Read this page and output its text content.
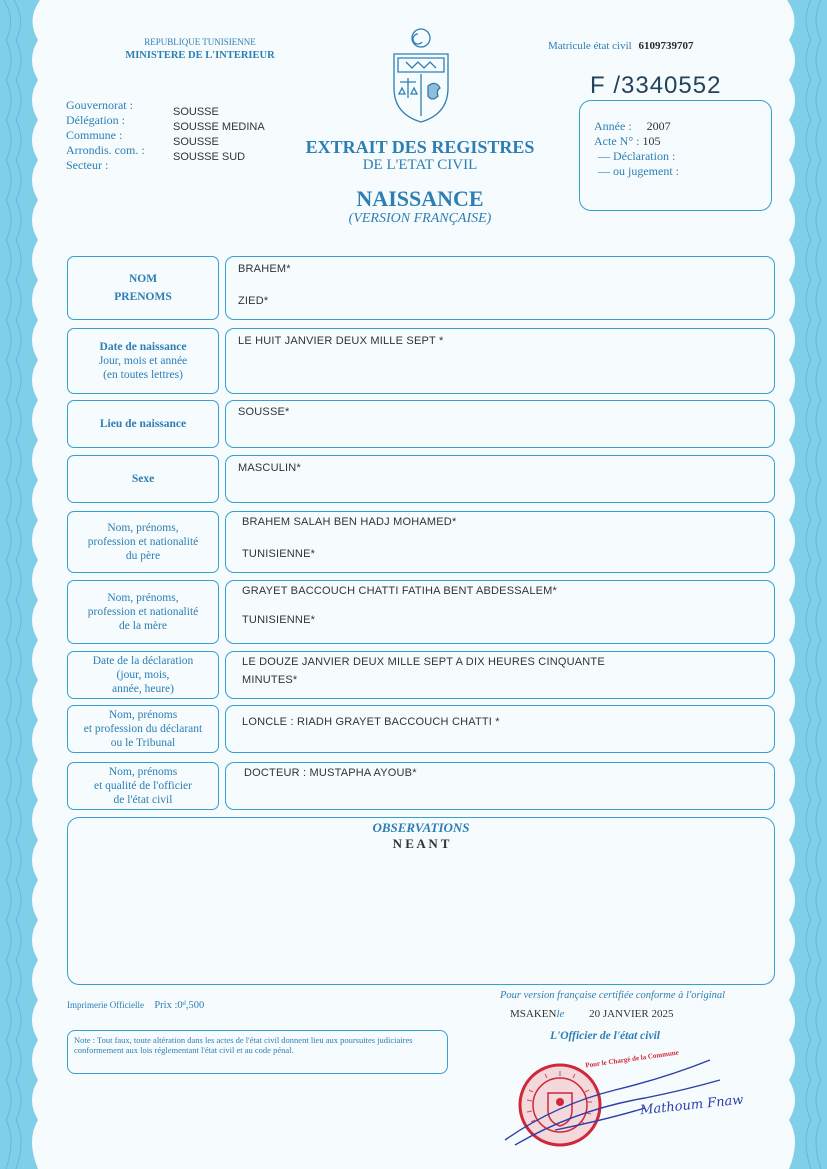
REPUBLIQUE TUNISIENNE
MINISTERE DE L'INTERIEUR
Matricule état civil 6109739707
F /3340552
Gouvernorat :
Délégation :
Commune :
Arrondis. com. :
Secteur :
SOUSSE
SOUSSE MEDINA
SOUSSE
SOUSSE SUD	EXTRAIT DES REGISTRES
DE L'ETAT CIVIL
NAISSANCE
(VERSION FRANÇAISE)
Année : 2007
Acte N° : 105
— Déclaration :
— ou jugement :
NOM
PRENOMS
BRAHEM*
ZIED*
Date de naissance
Jour, mois et année
(en toutes lettres)
LE HUIT JANVIER DEUX MILLE SEPT *
Lieu de naissance
SOUSSE*
Sexe
MASCULIN*
Nom, prénoms,
profession et nationalité
du père
BRAHEM SALAH BEN HADJ MOHAMED*
TUNISIENNE*
Nom, prénoms,
profession et nationalité
de la mère
GRAYET BACCOUCH CHATTI FATIHA BENT ABDESSALEM*
TUNISIENNE*
Date de la déclaration
(jour, mois,
année, heure)
LE DOUZE JANVIER DEUX MILLE SEPT A DIX HEURES CINQUANTE
MINUTES*
Nom, prénoms
et profession du déclarant
ou le Tribunal
LONCLE : RIADH GRAYET BACCOUCH CHATTI *
Nom, prénoms
et qualité de l'officier
de l'état civil
DOCTEUR : MUSTAPHA AYOUB*
OBSERVATIONS
N E A N T
Imprimerie Officielle Prix :0ᵈ,500
Pour version française certifiée conforme à l'original
MSAKENle 20 JANVIER 2025
L'Officier de l'état civil
Note : Tout faux, toute altération dans les actes de l'état civil donnent lieu aux poursuites judiciaires conformement aux lois réglementant l'état civil et au code pénal.	Pour le Chargé de la Commune
Mathoum Fnaw
